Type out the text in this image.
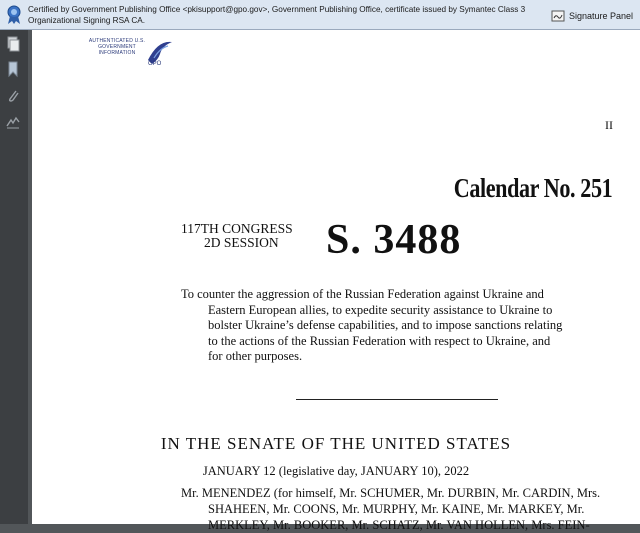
Certified by Government Publishing Office <pkisupport@gpo.gov>, Government Publishing Office, certificate issued by Symantec Class 3 Organizational Signing RSA CA.	Signature Panel
AUTHENTICATED U.S. GOVERNMENT INFORMATION
GPO
II
Calendar No. 251
117TH CONGRESS
2D SESSION S. 3488
To counter the aggression of the Russian Federation against Ukraine and
Eastern European allies, to expedite security assistance to Ukraine to
bolster Ukraine’s defense capabilities, and to impose sanctions relating
to the actions of the Russian Federation with respect to Ukraine, and
for other purposes.
IN THE SENATE OF THE UNITED STATES
JANUARY 12 (legislative day, JANUARY 10), 2022
Mr. MENENDEZ (for himself, Mr. SCHUMER, Mr. DURBIN, Mr. CARDIN, Mrs.
SHAHEEN, Mr. COONS, Mr. MURPHY, Mr. KAINE, Mr. MARKEY, Mr.
MERKLEY, Mr. BOOKER, Mr. SCHATZ, Mr. VAN HOLLEN, Mrs. FEIN-
